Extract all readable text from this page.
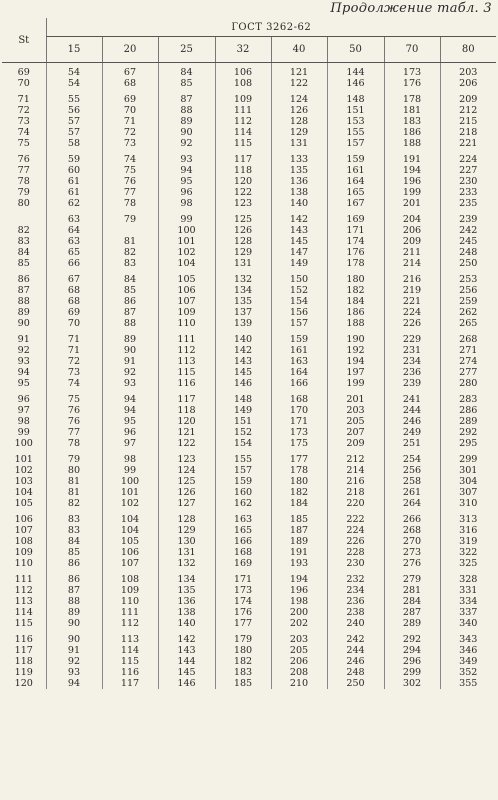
Продолжение табл. 3
St	ГОСТ 3262-62							
	15	20	25	32	40	50	70	80
69	54	67	84	106	121	144	173	203
70	54	68	85	108	122	146	176	206
71	55	69	87	109	124	148	178	209
72	56	70	88	111	126	151	181	212
73	57	71	89	112	128	153	183	215
74	57	72	90	114	129	155	186	218
75	58	73	92	115	131	157	188	221
76	59	74	93	117	133	159	191	224
77	60	75	94	118	135	161	194	227
78	61	76	95	120	136	164	196	230
79	61	77	96	122	138	165	199	233
80	62	78	98	123	140	167	201	235
	63	79	99	125	142	169	204	239
82	64		100	126	143	171	206	242
83	63	81	101	128	145	174	209	245
84	65	82	102	129	147	176	211	248
85	66	83	104	131	149	178	214	250
86	67	84	105	132	150	180	216	253
87	68	85	106	134	152	182	219	256
88	68	86	107	135	154	184	221	259
89	69	87	109	137	156	186	224	262
90	70	88	110	139	157	188	226	265
91	71	89	111	140	159	190	229	268
92	71	90	112	142	161	192	231	271
93	72	91	113	143	163	194	234	274
94	73	92	115	145	164	197	236	277
95	74	93	116	146	166	199	239	280
96	75	94	117	148	168	201	241	283
97	76	94	118	149	170	203	244	286
98	76	95	120	151	171	205	246	289
99	77	96	121	152	173	207	249	292
100	78	97	122	154	175	209	251	295
101	79	98	123	155	177	212	254	299
102	80	99	124	157	178	214	256	301
103	81	100	125	159	180	216	258	304
104	81	101	126	160	182	218	261	307
105	82	102	127	162	184	220	264	310
106	83	104	128	163	185	222	266	313
107	83	104	129	165	187	224	268	316
108	84	105	130	166	189	226	270	319
109	85	106	131	168	191	228	273	322
110	86	107	132	169	193	230	276	325
111	86	108	134	171	194	232	279	328
112	87	109	135	173	196	234	281	331
113	88	110	136	174	198	236	284	334
114	89	111	138	176	200	238	287	337
115	90	112	140	177	202	240	289	340
116	90	113	142	179	203	242	292	343
117	91	114	143	180	205	244	294	346
118	92	115	144	182	206	246	296	349
119	93	116	145	183	208	248	299	352
120	94	117	146	185	210	250	302	355
